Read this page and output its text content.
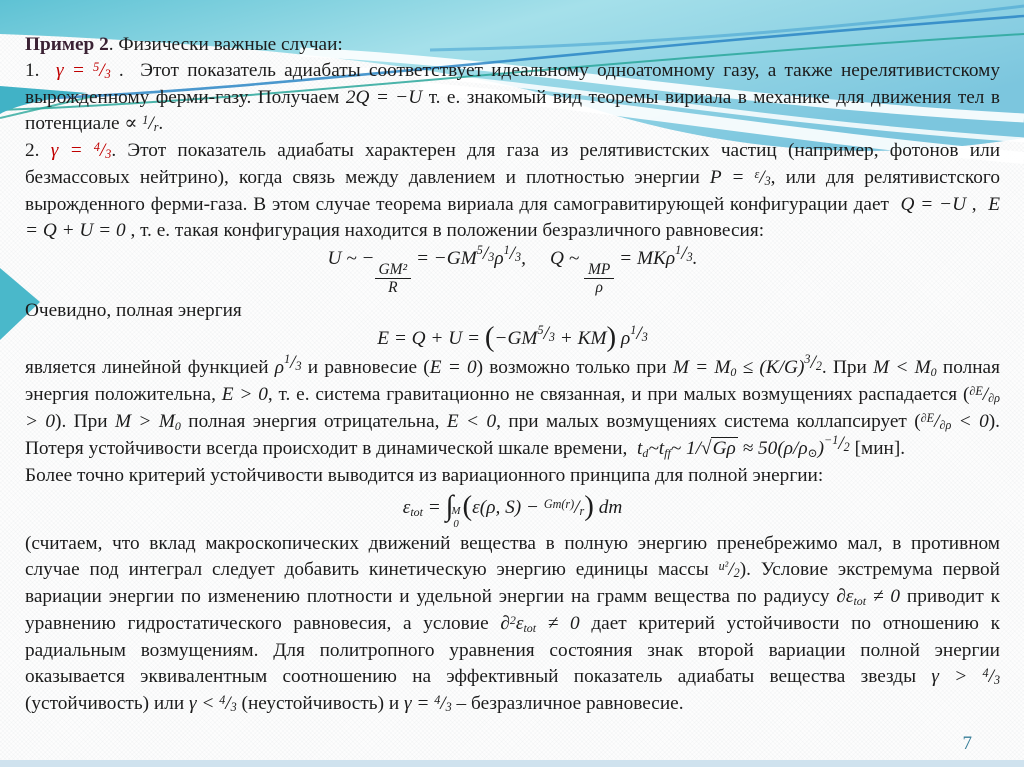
Пример 2. Физически важные случаи:
1.  γ = $^5$/3 .  Этот показатель адиабаты соответствует идеальному одноатомному газу, а также нерелятивистскому вырожденному ферми-газу. Получаем 2Q = −U т. е. знакомый вид теоремы вириала в механике для движения тел в потенциале ∝ $^1$/r.
2. γ = $^4$/3. Этот показатель адиабаты характерен для газа из релятивистских частиц (например, фотонов или безмассовых нейтрино), когда связь между давлением и плотностью энергии P = $^\varepsilon$/3, или для релятивистского вырожденного ферми-газа. В этом случае теорема вириала для самогравитирующей конфигурации дает  Q = −U ,  E = Q + U = 0 , т. е. такая конфигурация находится в положении безразличного равновесия:
U ~ −
$\frac{\text{GM²}}{R}$
= −GM$^5$/3ρ$^1$/3,     Q ~
$\frac{MP}{\rho}$
= MKρ$^1$/3.
Очевидно, полная энергия
E = Q + U = (−GM$^5$/3 + KM) ρ$^1$/3
является линейной функцией ρ$^1$/3 и равновесие (E = 0) возможно только при M = M0 ≤ (K/G)$^3$/2. При M < M0 полная энергия положительна, E > 0, т. е. система гравитационно не связанная, и при малых возмущениях распадается ($^{\partial E}$/∂ρ > 0). При M > M0 полная энергия отрицательна, E < 0, при малых возмущениях система коллапсирует ($^{\partial E}$/∂ρ < 0). Потеря устойчивости всегда происходит в динамической шкале времени,  td~tff~ 1/√Gρ ≈ 50(ρ/ρ⊙)$^{-1}$/2 [мин].
Более точно критерий устойчивости выводится из вариационного принципа для полной энергии:
εtot = ∫
M
0
(ε(ρ, S) − $^{Gm(r)}$/r) dm
(считаем, что вклад макроскопических движений вещества в полную энергию пренебрежимо мал, в противном случае под интеграл следует добавить кинетическую энергию единицы массы $^{u^2}$/2). Условие экстремума первой вариации энергии по изменению плотности и удельной энергии на грамм вещества по радиусу ∂εtot ≠ 0 приводит к уравнению гидростатического равновесия, а условие ∂$^2$εtot ≠ 0 дает критерий устойчивости по отношению к радиальным возмущениям. Для политропного уравнения состояния знак второй вариации полной энергии оказывается эквивалентным соотношению на эффективный показатель адиабаты вещества звезды γ > $^4$/3 (устойчивость) или γ < $^4$/3 (неустойчивость) и γ = $^4$/3 – безразличное равновесие.
7
